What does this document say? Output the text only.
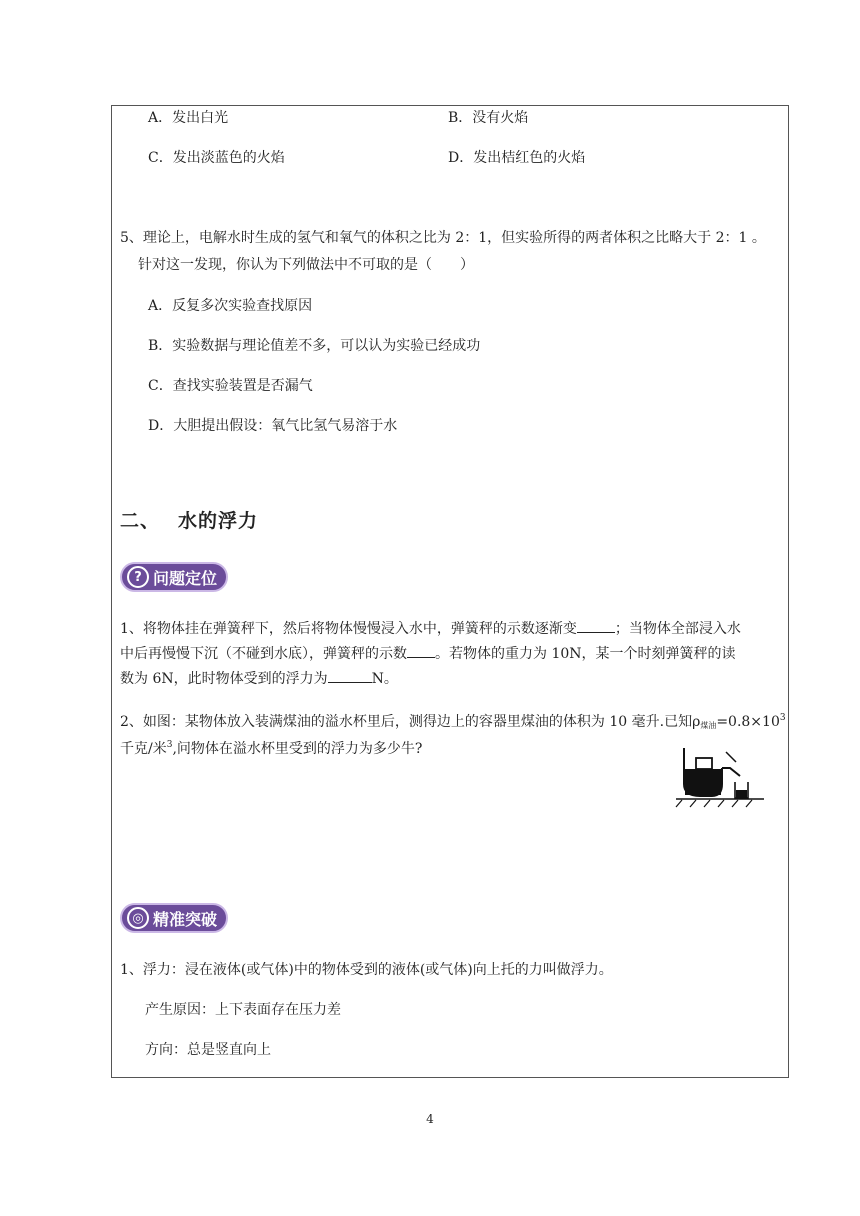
A．发出白光	B．没有火焰
C．发出淡蓝色的火焰	D．发出桔红色的火焰
5、理论上，电解水时生成的氢气和氧气的体积之比为 2：1，但实验所得的两者体积之比略大于 2：1 。
针对这一发现，你认为下列做法中不可取的是（　　）
A．反复多次实验查找原因
B．实验数据与理论值差不多，可以认为实验已经成功
C．查找实验装置是否漏气
D．大胆提出假设：氧气比氢气易溶于水
二、 水的浮力
? 问题定位
1、将物体挂在弹簧秤下，然后将物体慢慢浸入水中，弹簧秤的示数逐渐变	；当物体全部浸入水
中后再慢慢下沉（不碰到水底），弹簧秤的示数 。若物体的重力为 10N，某一个时刻弹簧秤的读
数为 6N，此时物体受到的浮力为	N。
2、如图：某物体放入装满煤油的溢水杯里后，测得边上的容器里煤油的体积为 10 毫升.已知$\rho_{煤油}=0.8\times 10^3$
千克/米$^3$,问物体在溢水杯里受到的浮力为多少牛?
◎ 精准突破
1、浮力：浸在液体(或气体)中的物体受到的液体(或气体)向上托的力叫做浮力。
产生原因：上下表面存在压力差
方向：总是竖直向上
4
